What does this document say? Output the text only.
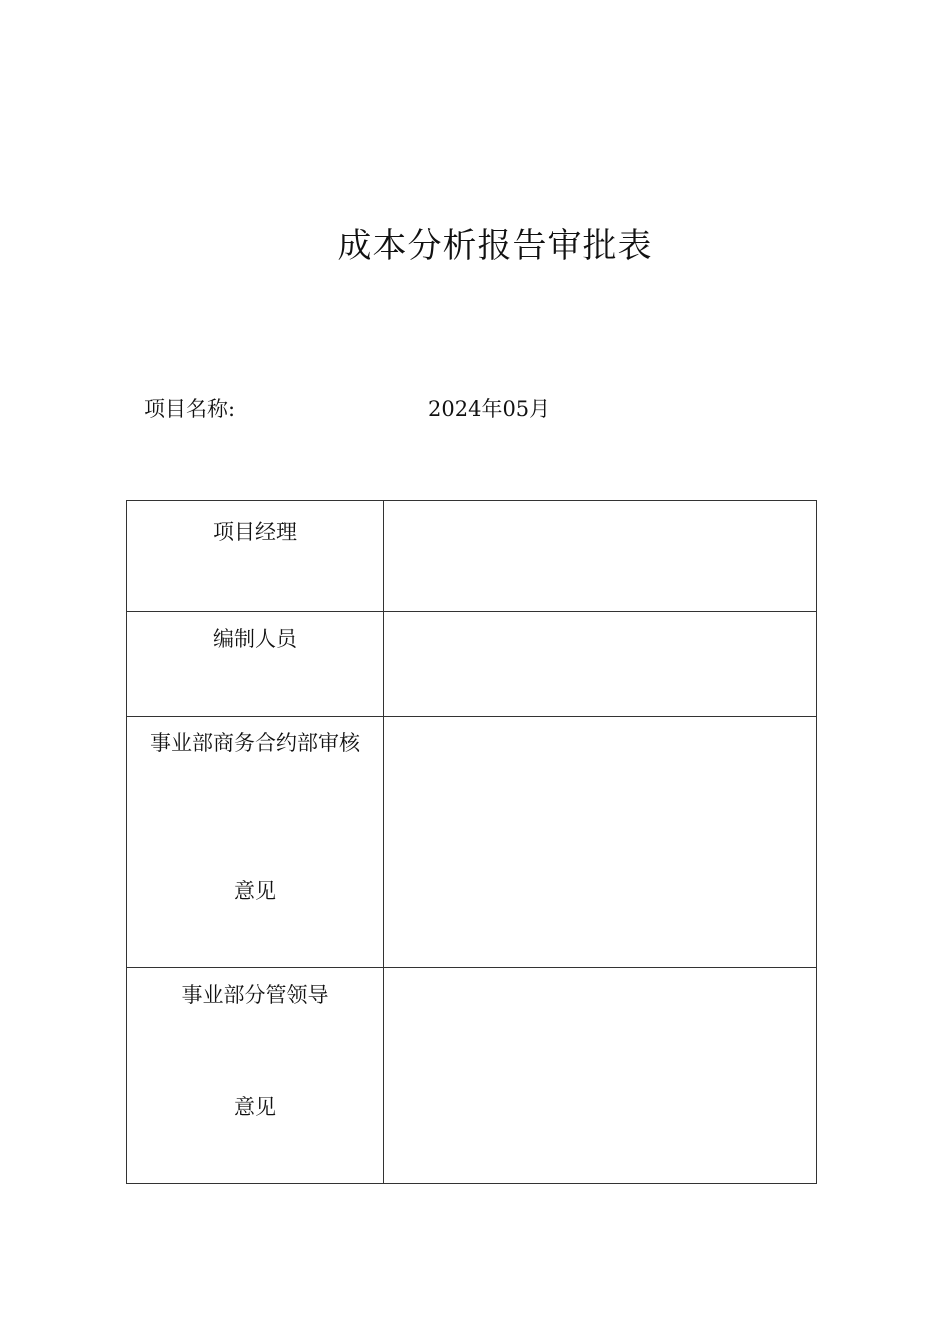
成本分析报告审批表
项目名称:	2024年05月
项目经理	

编制人员	

事业部商务合约部审核
意见	

事业部分管领导
意见	
